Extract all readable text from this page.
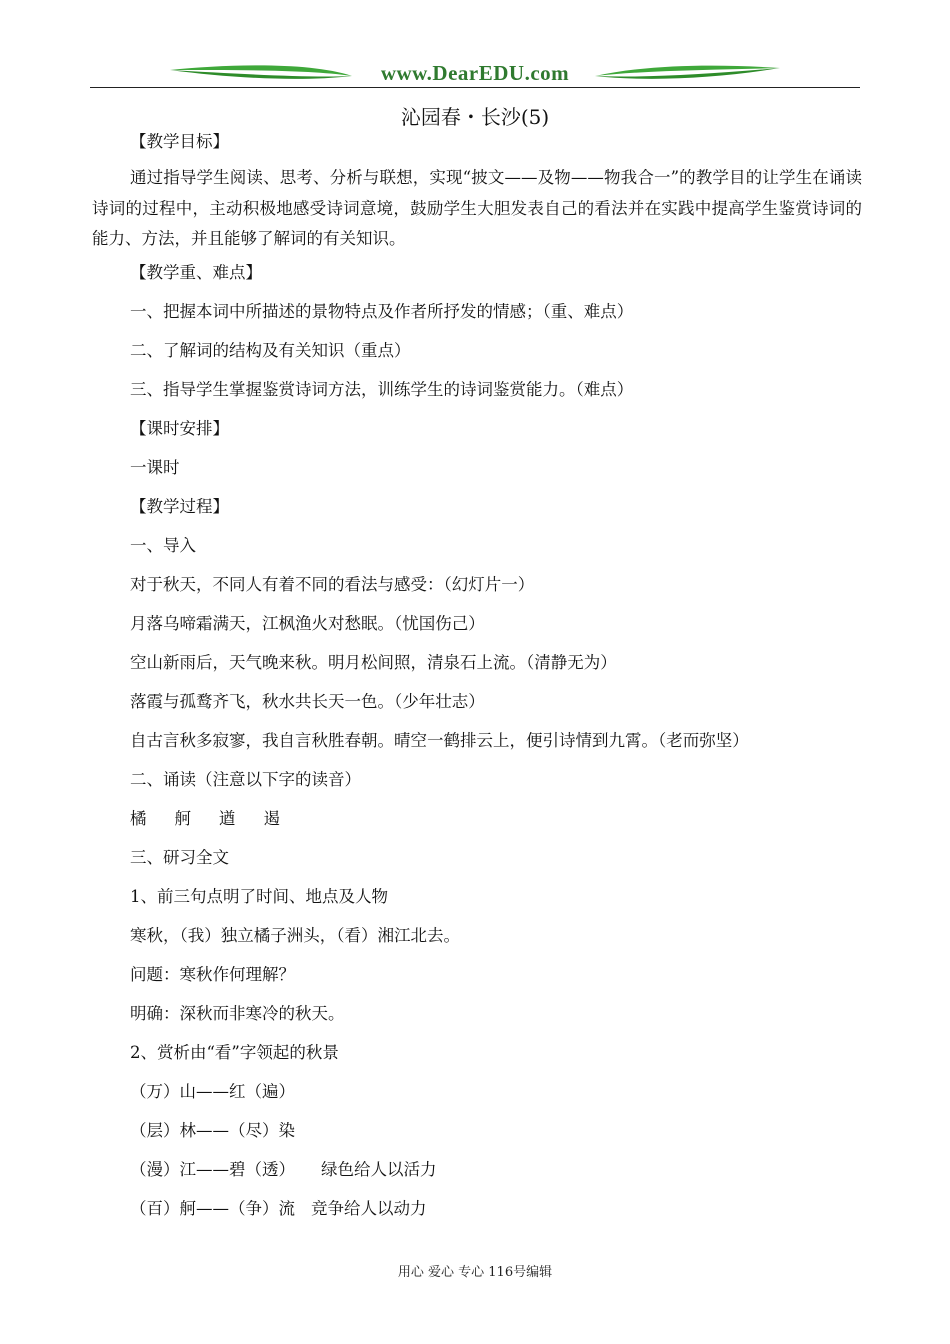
www.DearEDU.com
沁园春・长沙(5)
【教学目标】
通过指导学生阅读、思考、分析与联想，实现“披文——及物——物我合一”的教学目的让学生在诵读诗词的过程中，主动积极地感受诗词意境，鼓励学生大胆发表自己的看法并在实践中提高学生鉴赏诗词的能力、方法，并且能够了解词的有关知识。
【教学重、难点】
一、把握本词中所描述的景物特点及作者所抒发的情感；（重、难点）
二、了解词的结构及有关知识（重点）
三、指导学生掌握鉴赏诗词方法，训练学生的诗词鉴赏能力。（难点）
【课时安排】
一课时
【教学过程】
一、导入
对于秋天，不同人有着不同的看法与感受：（幻灯片一）
月落乌啼霜满天，江枫渔火对愁眠。（忧国伤己）
空山新雨后，天气晚来秋。明月松间照，清泉石上流。（清静无为）
落霞与孤鹜齐飞，秋水共长天一色。（少年壮志）
自古言秋多寂寥，我自言秋胜春朝。晴空一鹤排云上，便引诗情到九霄。（老而弥坚）
二、诵读（注意以下字的读音）
橘 舸 遒 遏
三、研习全文
1、前三句点明了时间、地点及人物
寒秋，（我）独立橘子洲头，（看）湘江北去。
问题：寒秋作何理解？
明确：深秋而非寒冷的秋天。
2、赏析由“看”字领起的秋景
（万）山——红（遍）
（层）林——（尽）染
（漫）江——碧（透） 绿色给人以活力
（百）舸——（争）流 竞争给人以动力
用心 爱心 专心 116号编辑
